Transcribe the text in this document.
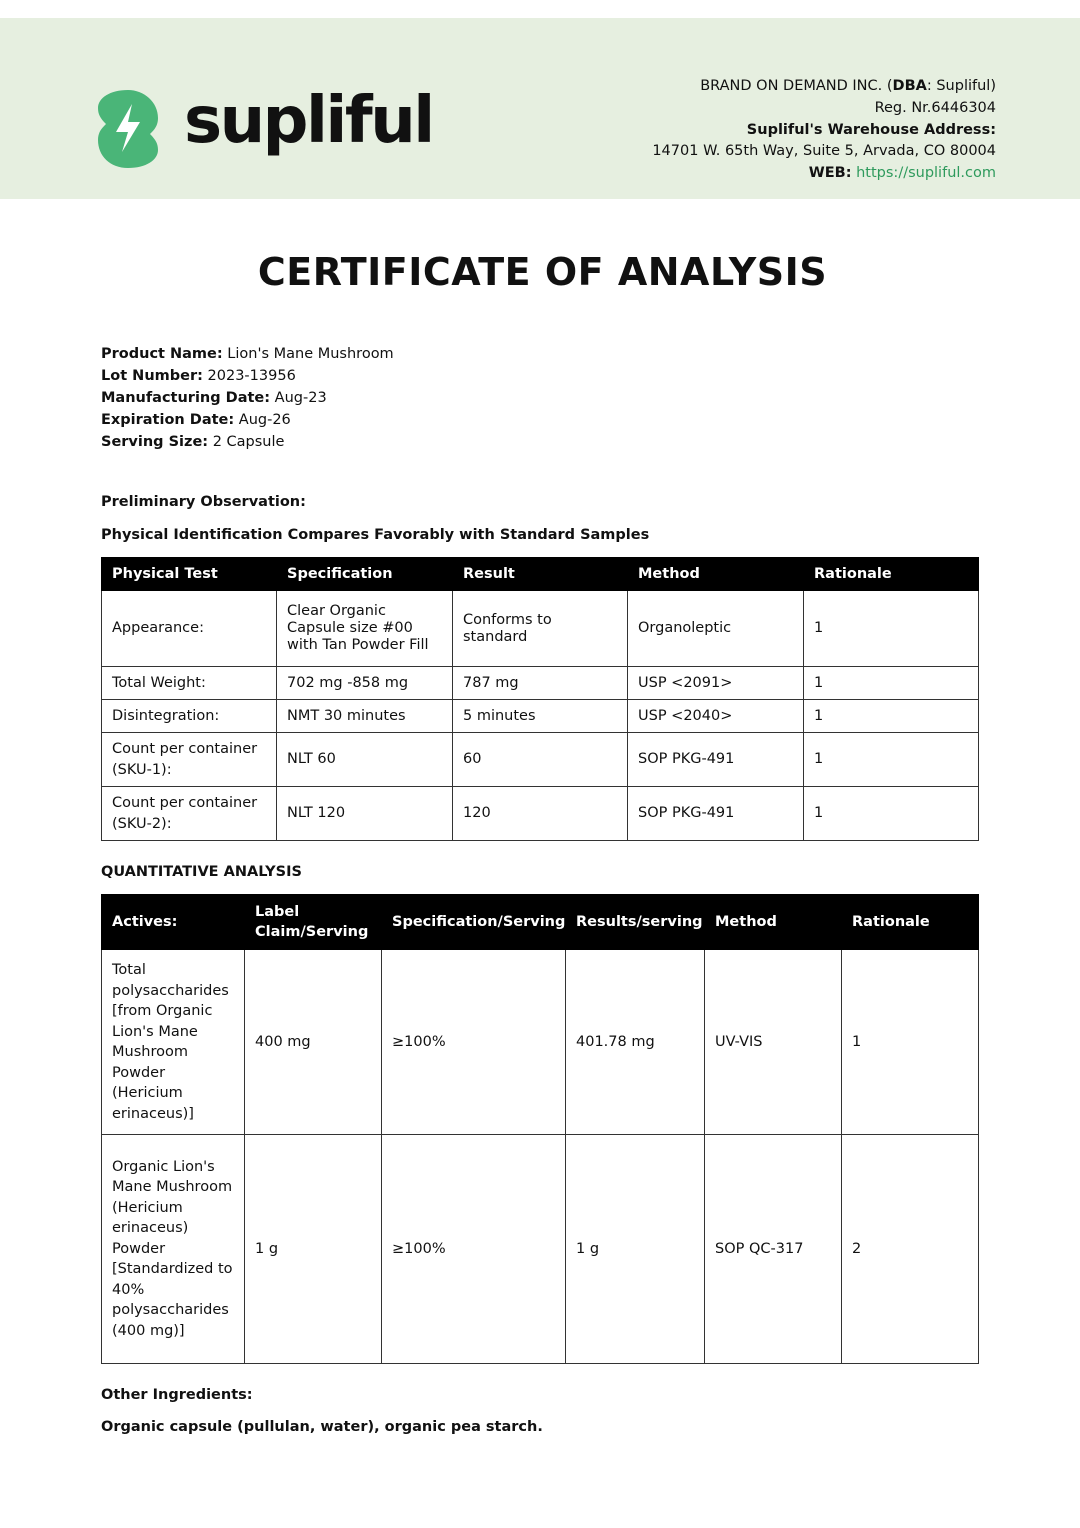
supliful	BRAND ON DEMAND INC. (DBA: Supliful)
Reg. Nr.6446304
Supliful's Warehouse Address:
14701 W. 65th Way, Suite 5, Arvada, CO 80004
WEB: https://supliful.com
CERTIFICATE OF ANALYSIS
Product Name: Lion's Mane Mushroom
Lot Number: 2023-13956
Manufacturing Date: Aug-23
Expiration Date: Aug-26
Serving Size: 2 Capsule
Preliminary Observation:
Physical Identification Compares Favorably with Standard Samples
Physical Test	Specification	Result	Method	Rationale
Appearance:	Clear Organic Capsule size #00 with Tan Powder Fill	Conforms to standard	Organoleptic	1
Total Weight:	702 mg -858 mg	787 mg	USP <2091>	1
Disintegration:	NMT 30 minutes	5 minutes	USP <2040>	1
Count per container (SKU-1):	NLT 60	60	SOP PKG-491	1
Count per container (SKU-2):	NLT 120	120	SOP PKG-491	1
QUANTITATIVE ANALYSIS
Actives:	Label Claim/Serving	Specification/Serving	Results/serving	Method	Rationale
Total polysaccharides [from Organic Lion's Mane Mushroom Powder (Hericium erinaceus)]	400 mg	≥100%	401.78 mg	UV-VIS	1
Organic Lion's Mane Mushroom (Hericium erinaceus) Powder [Standardized to 40% polysaccharides (400 mg)]	1 g	≥100%	1 g	SOP QC-317	2
Other Ingredients:
Organic capsule (pullulan, water), organic pea starch.
